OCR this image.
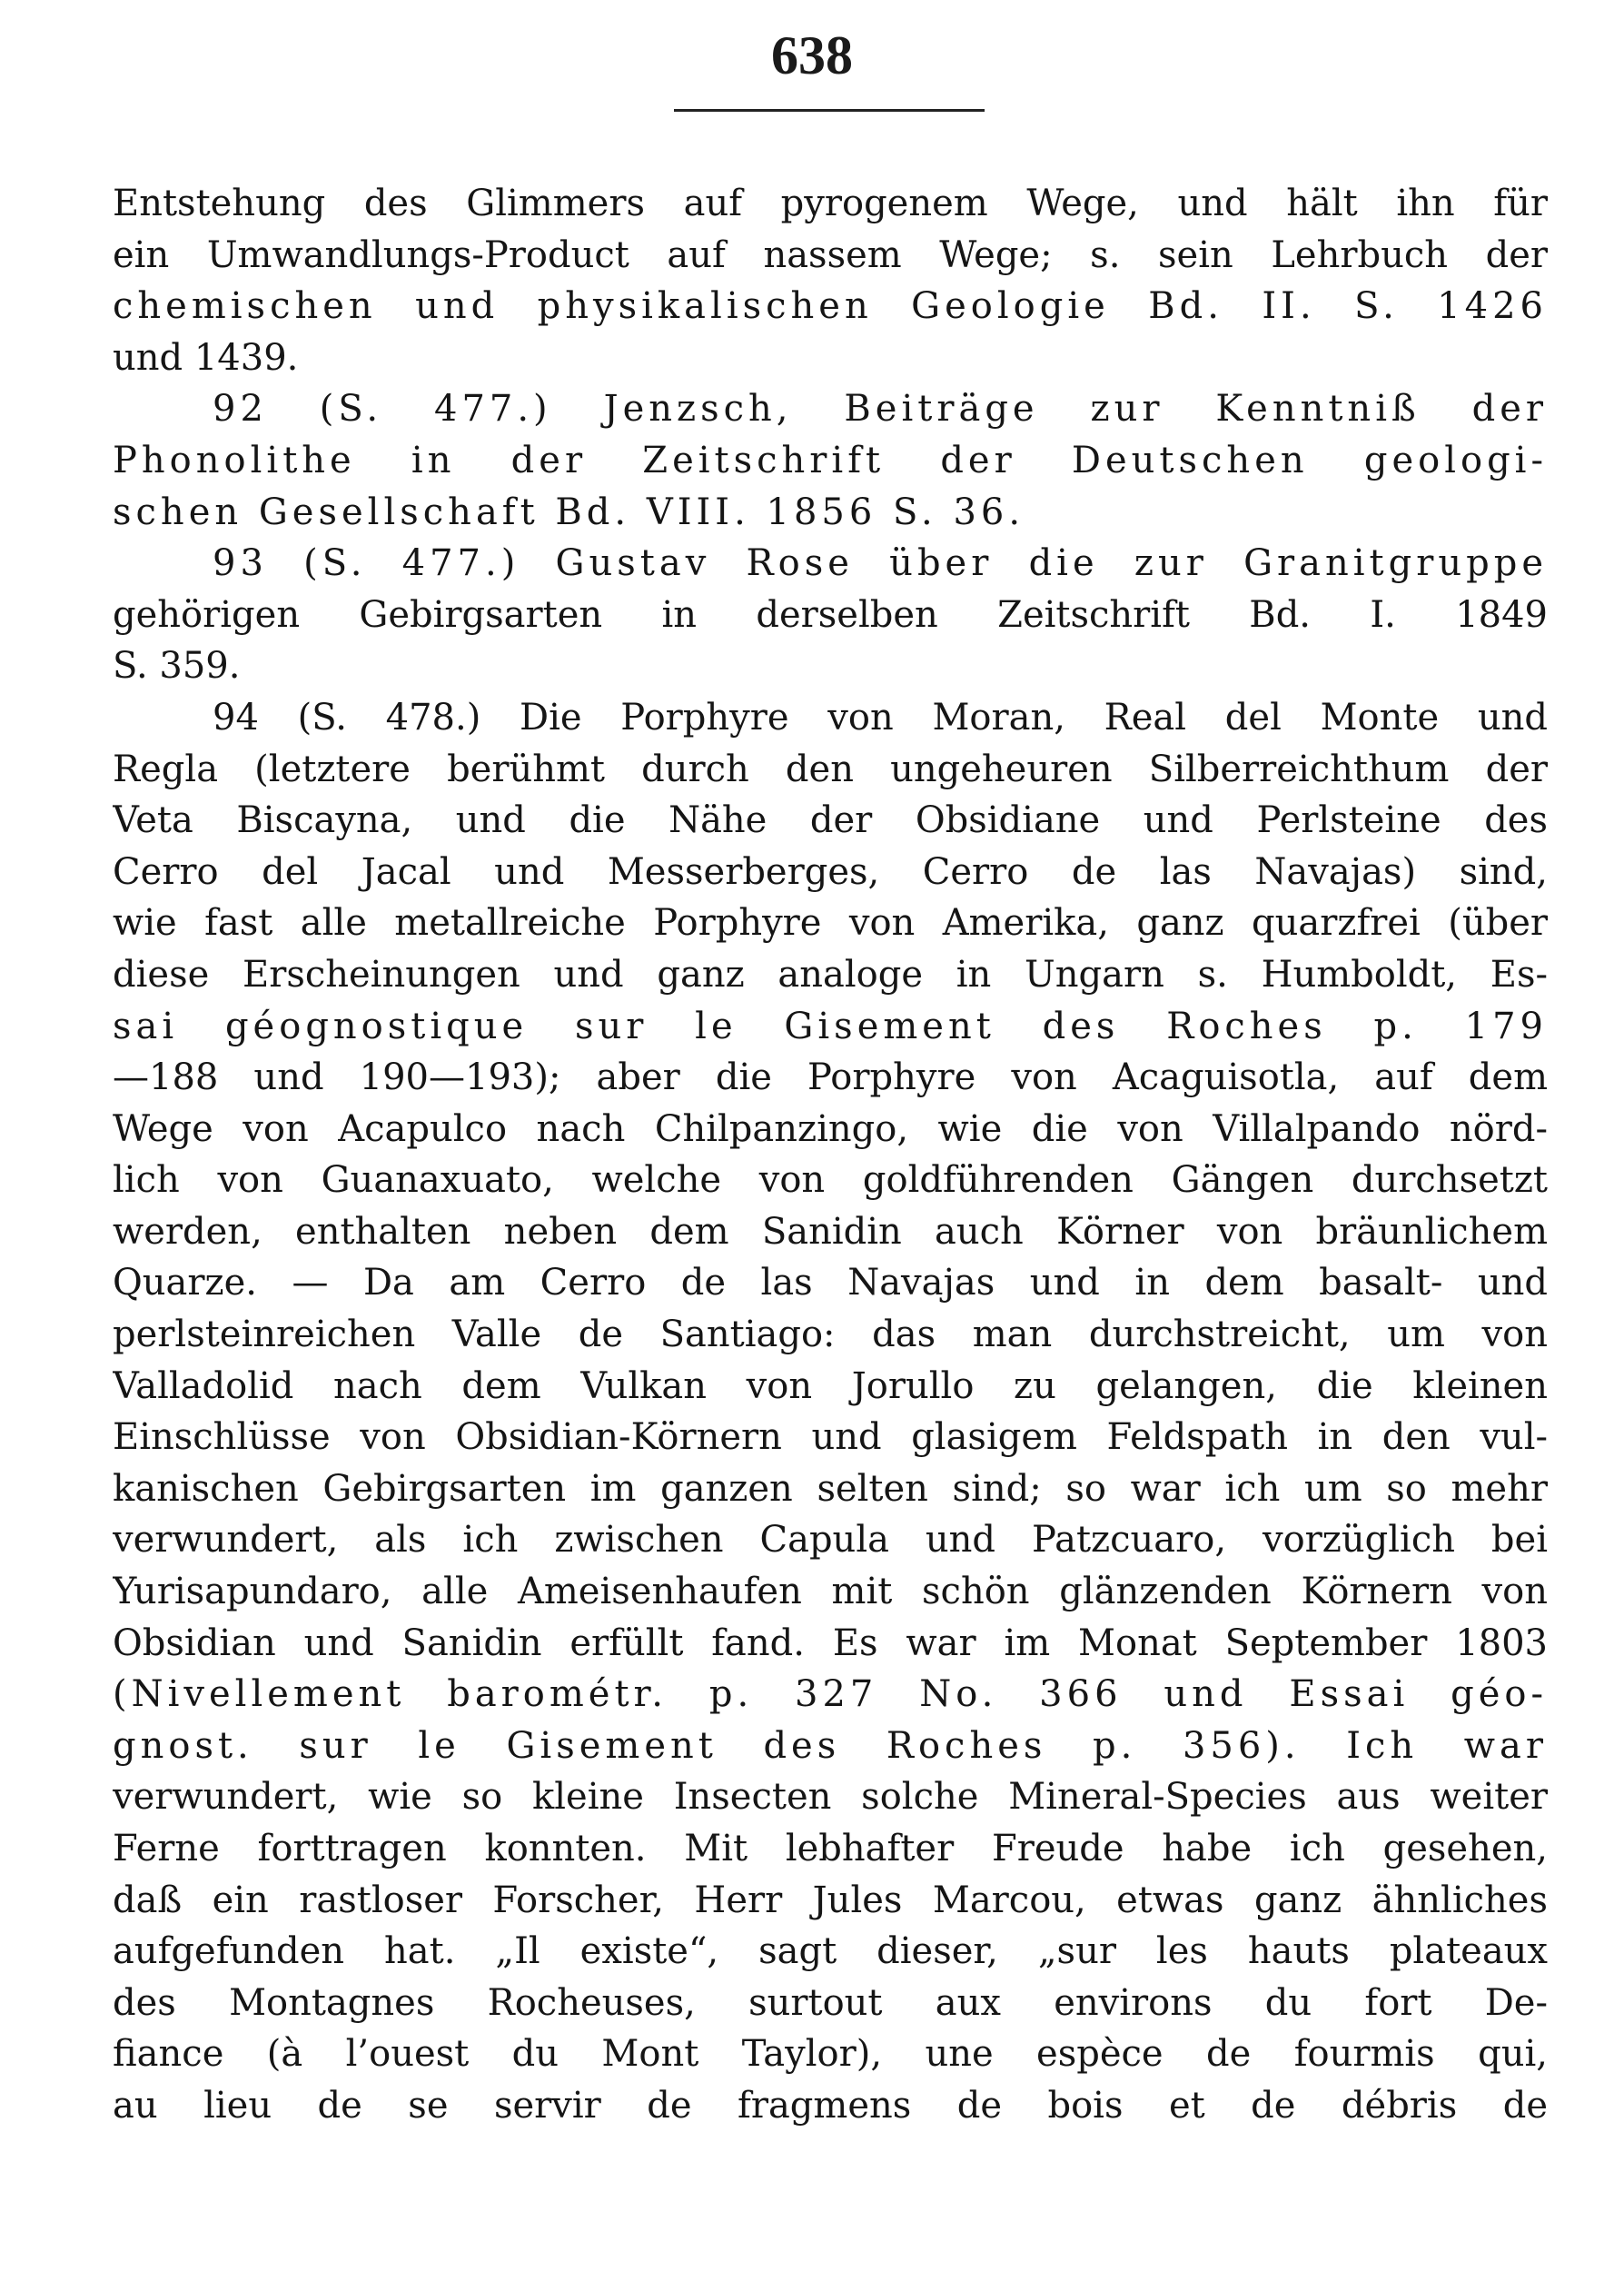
638
Entstehung des Glimmers auf pyrogenem Wege, und hält ihn für
ein Umwandlungs-Product auf nassem Wege; s. sein Lehrbuch der
chemischen und physikalischen Geologie Bd. II. S. 1426
und 1439.
92 (S. 477.) Jenzsch, Beiträge zur Kenntniß der
Phonolithe in der Zeitschrift der Deutschen geologi-
schen Gesellschaft Bd. VIII. 1856 S. 36.
93 (S. 477.) Gustav Rose über die zur Granitgruppe
gehörigen Gebirgsarten in derselben Zeitschrift Bd. I. 1849
S. 359.
94 (S. 478.) Die Porphyre von Moran, Real del Monte und
Regla (letztere berühmt durch den ungeheuren Silberreichthum der
Veta Biscayna, und die Nähe der Obsidiane und Perlsteine des
Cerro del Jacal und Messerberges, Cerro de las Navajas) sind,
wie fast alle metallreiche Porphyre von Amerika, ganz quarzfrei (über
diese Erscheinungen und ganz analoge in Ungarn s. Humboldt, Es-
sai géognostique sur le Gisement des Roches p. 179
—188 und 190—193); aber die Porphyre von Acaguisotla, auf dem
Wege von Acapulco nach Chilpanzingo, wie die von Villalpando nörd-
lich von Guanaxuato, welche von goldführenden Gängen durchsetzt
werden, enthalten neben dem Sanidin auch Körner von bräunlichem
Quarze. — Da am Cerro de las Navajas und in dem basalt- und
perlsteinreichen Valle de Santiago: das man durchstreicht, um von
Valladolid nach dem Vulkan von Jorullo zu gelangen, die kleinen
Einschlüsse von Obsidian-Körnern und glasigem Feldspath in den vul-
kanischen Gebirgsarten im ganzen selten sind; so war ich um so mehr
verwundert, als ich zwischen Capula und Patzcuaro, vorzüglich bei
Yurisapundaro, alle Ameisenhaufen mit schön glänzenden Körnern von
Obsidian und Sanidin erfüllt fand. Es war im Monat September 1803
(Nivellement barométr. p. 327 No. 366 und Essai géo-
gnost. sur le Gisement des Roches p. 356). Ich war
verwundert, wie so kleine Insecten solche Mineral-Species aus weiter
Ferne forttragen konnten. Mit lebhafter Freude habe ich gesehen,
daß ein rastloser Forscher, Herr Jules Marcou, etwas ganz ähnliches
aufgefunden hat. „Il existe“, sagt dieser, „sur les hauts plateaux
des Montagnes Rocheuses, surtout aux environs du fort De-
fiance (à l’ouest du Mont Taylor), une espèce de fourmis qui,
au lieu de se servir de fragmens de bois et de débris de
